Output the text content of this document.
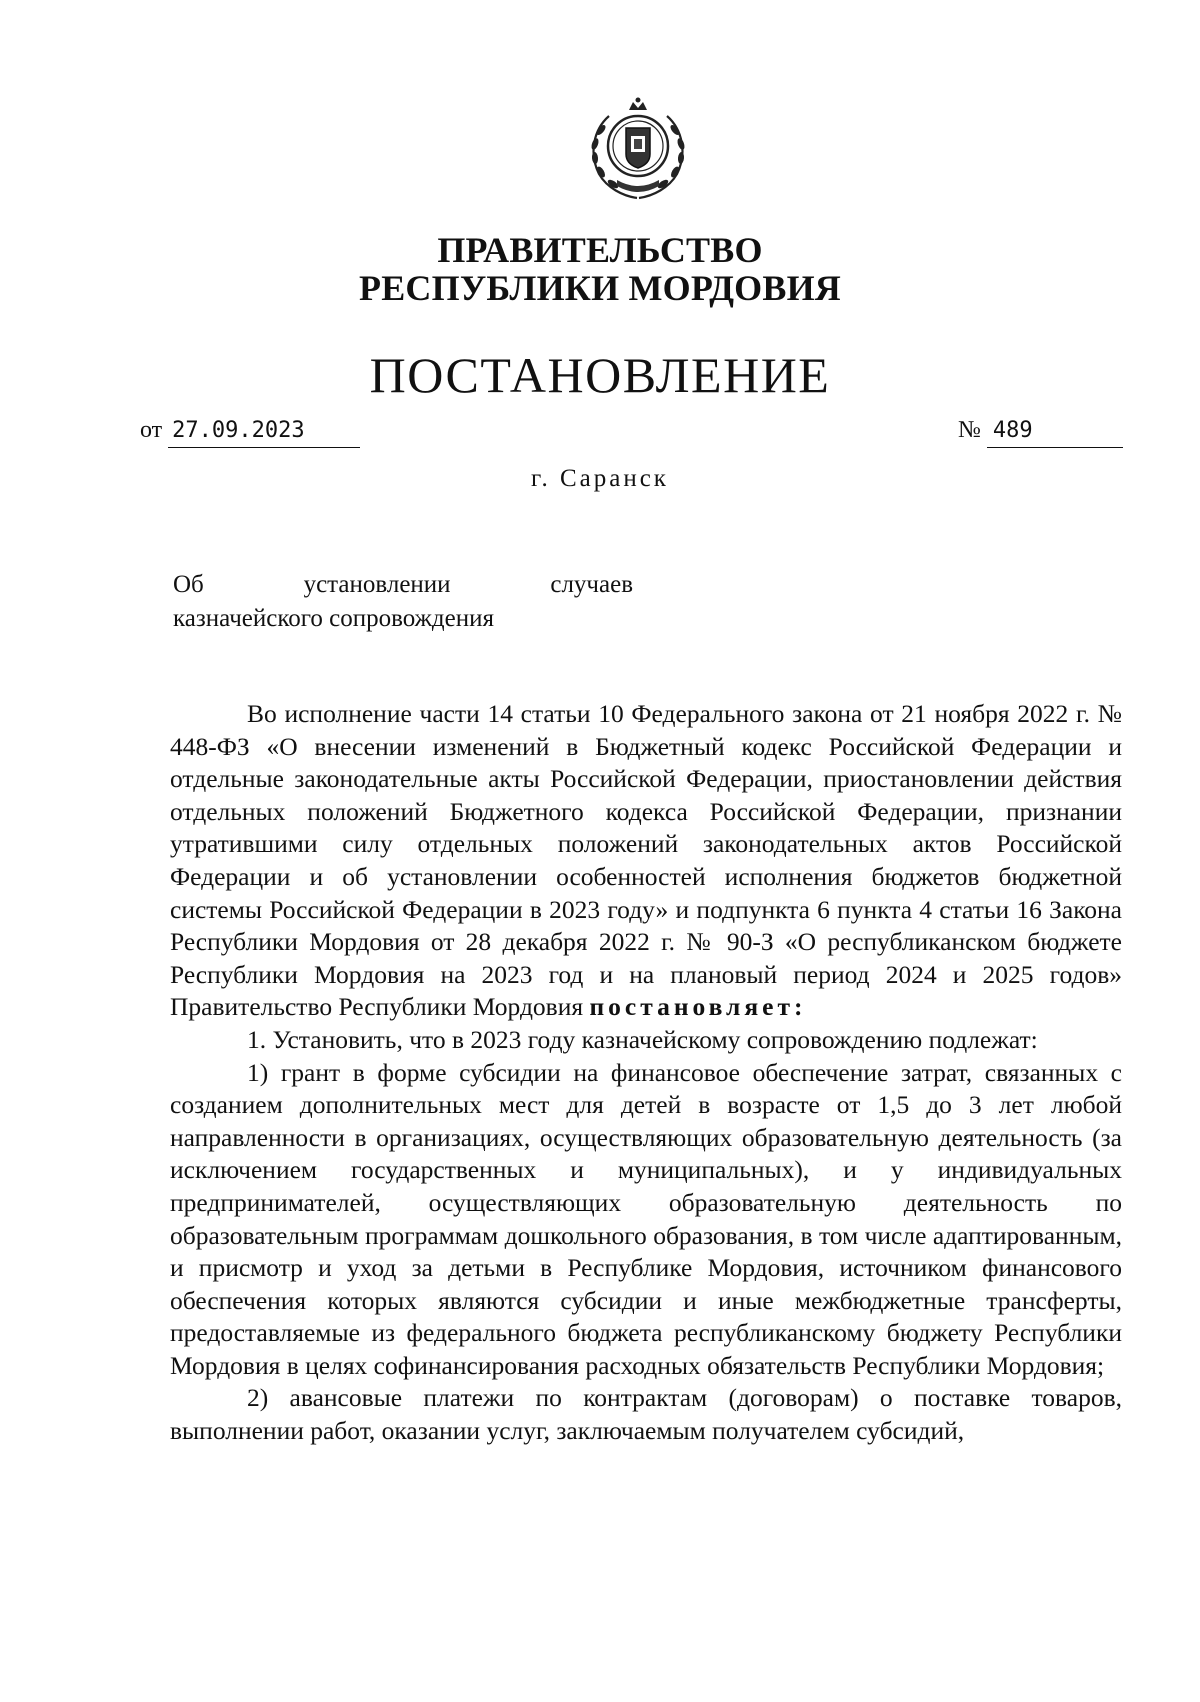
ПРАВИТЕЛЬСТВО
РЕСПУБЛИКИ МОРДОВИЯ
ПОСТАНОВЛЕНИЕ
от 27.09.2023	№ 489
г. Саранск
Об установлении случаев
казначейского сопровождения

Во исполнение части 14 статьи 10 Федерального закона от 21 ноября 2022 г. № 448-ФЗ «О внесении изменений в Бюджетный кодекс Российской Федерации и отдельные законодательные акты Российской Федерации, приостановлении действия отдельных положений Бюджетного кодекса Российской Федерации, признании утратившими силу отдельных положений законодательных актов Российской Федерации и об установлении особенностей исполнения бюджетов бюджетной системы Российской Федерации в 2023 году» и подпункта 6 пункта 4 статьи 16 Закона Республики Мордовия от 28 декабря 2022 г. № 90-З «О республиканском бюджете Республики Мордовия на 2023 год и на плановый период 2024 и 2025 годов» Правительство Республики Мордовия постановляет:

1. Установить, что в 2023 году казначейскому сопровождению подлежат:

1) грант в форме субсидии на финансовое обеспечение затрат, связанных с созданием дополнительных мест для детей в возрасте от 1,5 до 3 лет любой направленности в организациях, осуществляющих образовательную деятельность (за исключением государственных и муниципальных), и у индивидуальных предпринимателей, осуществляющих образовательную деятельность по образовательным программам дошкольного образования, в том числе адаптированным, и присмотр и уход за детьми в Республике Мордовия, источником финансового обеспечения которых являются субсидии и иные межбюджетные трансферты, предоставляемые из федерального бюджета республиканскому бюджету Республики Мордовия в целях софинансирования расходных обязательств Республики Мордовия;

2) авансовые платежи по контрактам (договорам) о поставке товаров, выполнении работ, оказании услуг, заключаемым получателем субсидий,
